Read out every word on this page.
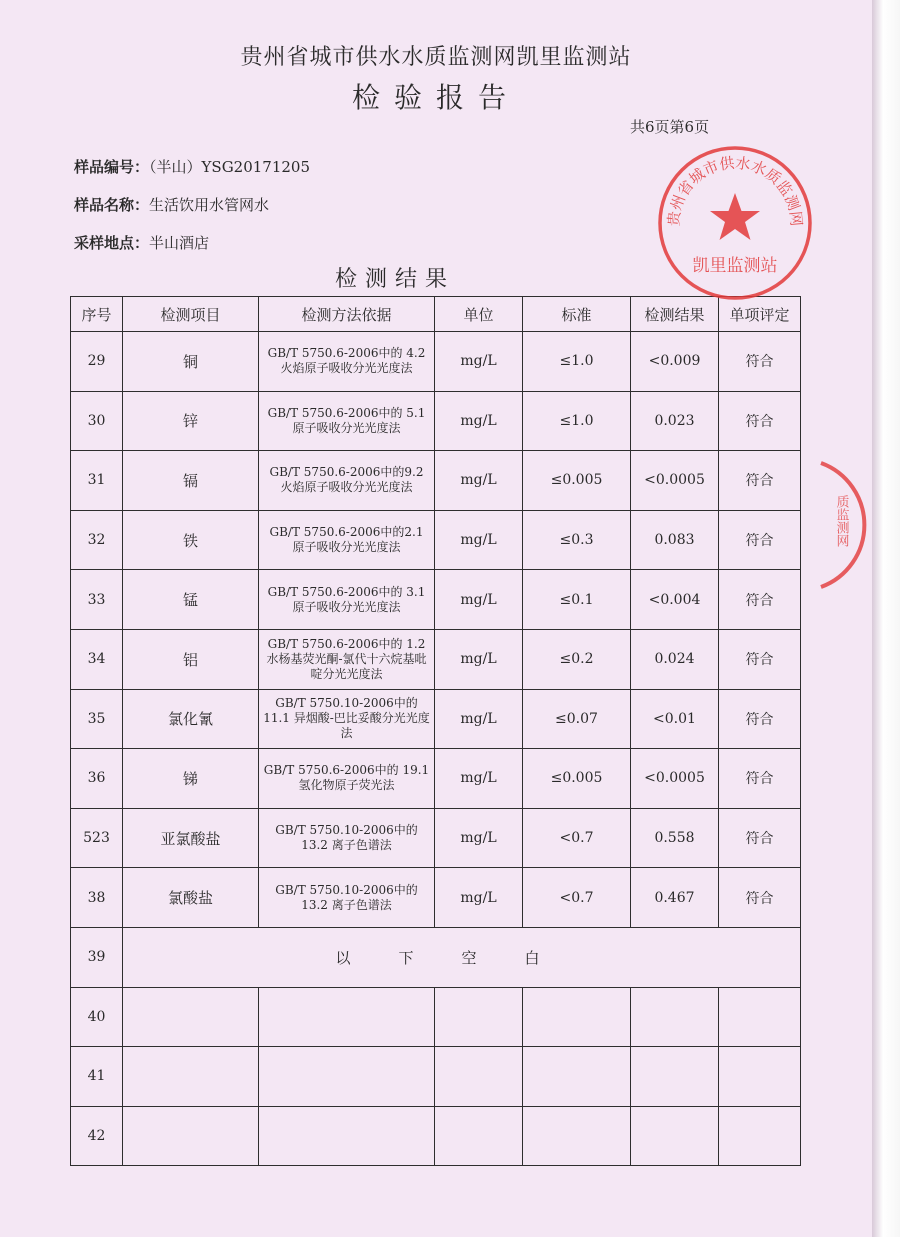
贵州省城市供水水质监测网凯里监测站
检验报告
共6页第6页
样品编号：（半山）YSG20171205
样品名称：生活饮用水管网水
采样地点：半山酒店
检测结果
序号	检测项目	检测方法依据	单位	标准	检测结果	单项评定
29	铜	GB/T 5750.6-2006中的 4.2 火焰原子吸收分光光度法	mg/L	≤1.0	<0.009	符合
30	锌	GB/T 5750.6-2006中的 5.1 原子吸收分光光度法	mg/L	≤1.0	0.023	符合
31	镉	GB/T 5750.6-2006中的9.2 火焰原子吸收分光光度法	mg/L	≤0.005	<0.0005	符合
32	铁	GB/T 5750.6-2006中的2.1 原子吸收分光光度法	mg/L	≤0.3	0.083	符合
33	锰	GB/T 5750.6-2006中的 3.1 原子吸收分光光度法	mg/L	≤0.1	<0.004	符合
34	铝	GB/T 5750.6-2006中的 1.2 水杨基荧光酮-氯代十六烷基吡啶分光光度法	mg/L	≤0.2	0.024	符合
35	氯化氰	GB/T 5750.10-2006中的 11.1 异烟酸-巴比妥酸分光光度法	mg/L	≤0.07	<0.01	符合
36	锑	GB/T 5750.6-2006中的 19.1 氢化物原子荧光法	mg/L	≤0.005	<0.0005	符合
523	亚氯酸盐	GB/T 5750.10-2006中的 13.2 离子色谱法	mg/L	<0.7	0.558	符合
38	氯酸盐	GB/T 5750.10-2006中的 13.2 离子色谱法	mg/L	<0.7	0.467	符合
39	以下空白					
40						
41						
42						
贵州省城市供水水质监测网
凯里监测站
质监测网
